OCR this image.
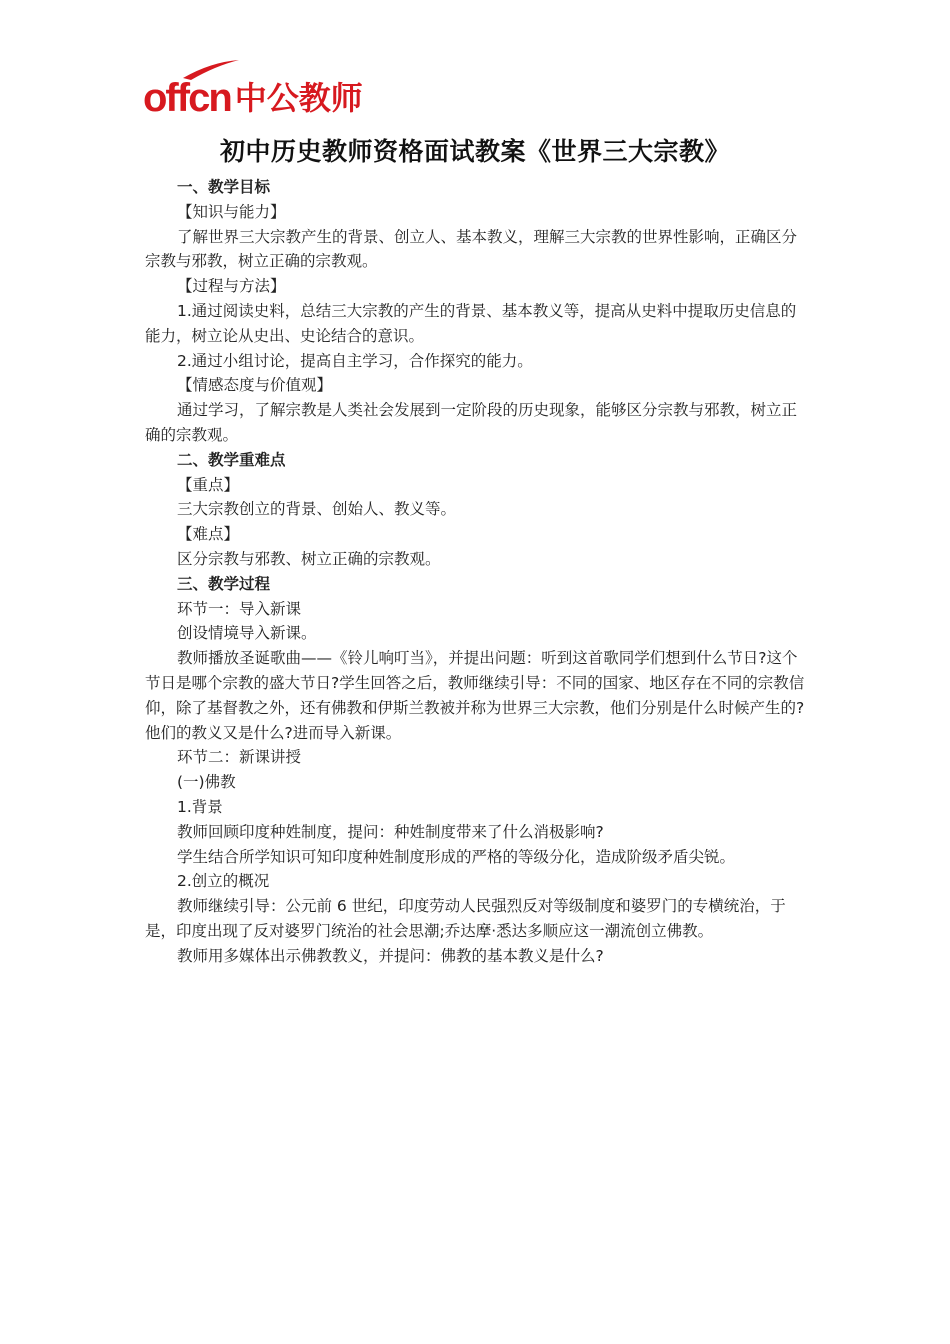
offcn 中公教师
初中历史教师资格面试教案《世界三大宗教》
一、教学目标
【知识与能力】
了解世界三大宗教产生的背景、创立人、基本教义，理解三大宗教的世界性影响，正确区分宗教与邪教，树立正确的宗教观。
【过程与方法】
1.通过阅读史料，总结三大宗教的产生的背景、基本教义等，提高从史料中提取历史信息的能力，树立论从史出、史论结合的意识。
2.通过小组讨论，提高自主学习，合作探究的能力。
【情感态度与价值观】
通过学习，了解宗教是人类社会发展到一定阶段的历史现象，能够区分宗教与邪教，树立正确的宗教观。
二、教学重难点
【重点】
三大宗教创立的背景、创始人、教义等。
【难点】
区分宗教与邪教、树立正确的宗教观。
三、教学过程
环节一：导入新课
创设情境导入新课。
教师播放圣诞歌曲——《铃儿响叮当》，并提出问题：听到这首歌同学们想到什么节日?这个节日是哪个宗教的盛大节日?学生回答之后，教师继续引导：不同的国家、地区存在不同的宗教信仰，除了基督教之外，还有佛教和伊斯兰教被并称为世界三大宗教，他们分别是什么时候产生的?他们的教义又是什么?进而导入新课。
环节二：新课讲授
(一)佛教
1.背景
教师回顾印度种姓制度，提问：种姓制度带来了什么消极影响?
学生结合所学知识可知印度种姓制度形成的严格的等级分化，造成阶级矛盾尖锐。
2.创立的概况
教师继续引导：公元前 6 世纪，印度劳动人民强烈反对等级制度和婆罗门的专横统治，于是，印度出现了反对婆罗门统治的社会思潮;乔达摩·悉达多顺应这一潮流创立佛教。
教师用多媒体出示佛教教义，并提问：佛教的基本教义是什么?
